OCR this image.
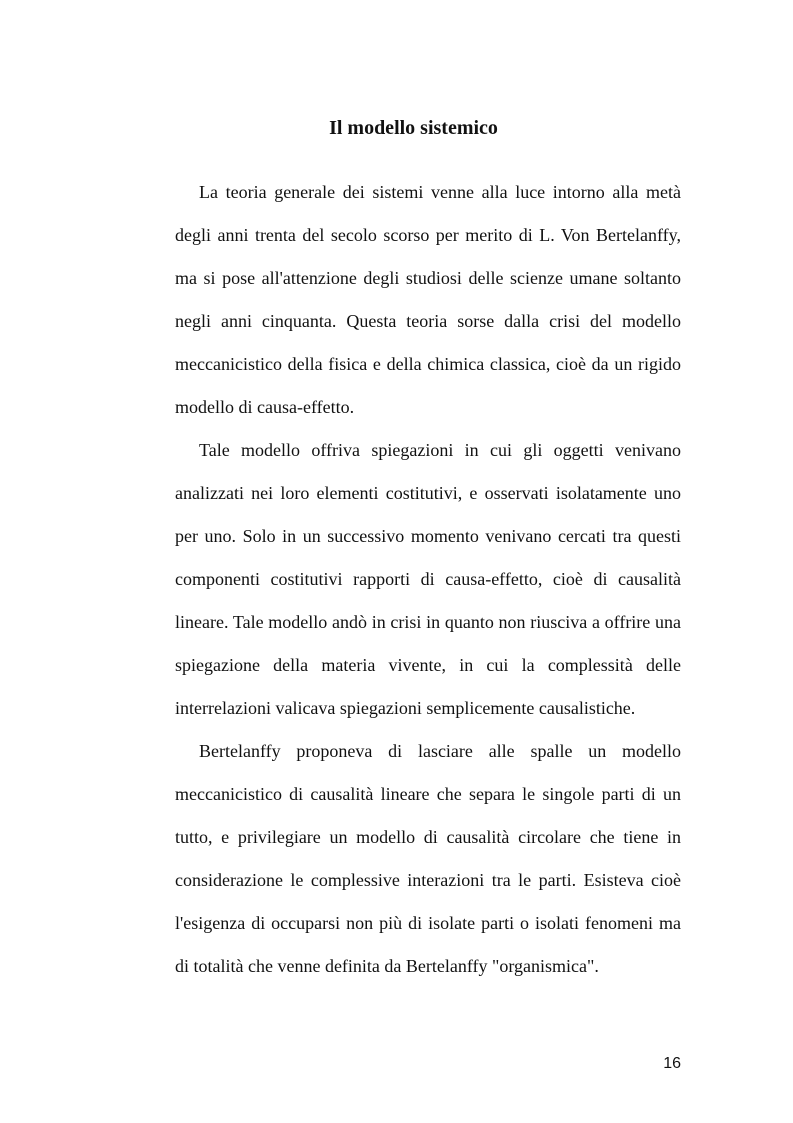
Il modello sistemico

La teoria generale dei sistemi venne alla luce intorno alla metà degli anni trenta del secolo scorso per merito di L. Von Bertelanffy, ma si pose all'attenzione degli studiosi delle scienze umane soltanto negli anni cinquanta. Questa teoria sorse dalla crisi del modello meccanicistico della fisica e della chimica classica, cioè da un rigido modello di causa-effetto.

Tale modello offriva spiegazioni in cui gli oggetti venivano analizzati nei loro elementi costitutivi, e osservati isolatamente uno per uno. Solo in un successivo momento venivano cercati tra questi componenti costitutivi rapporti di causa-effetto, cioè di causalità lineare. Tale modello andò in crisi in quanto non riusciva a offrire una spiegazione della materia vivente, in cui la complessità delle interrelazioni valicava spiegazioni semplicemente causalistiche.

Bertelanffy proponeva di lasciare alle spalle un modello meccanicistico di causalità lineare che separa le singole parti di un tutto, e privilegiare un modello di causalità circolare che tiene in considerazione le complessive interazioni tra le parti. Esisteva cioè l'esigenza di occuparsi non più di isolate parti o isolati fenomeni ma di totalità che venne definita da Bertelanffy "organismica".

16
